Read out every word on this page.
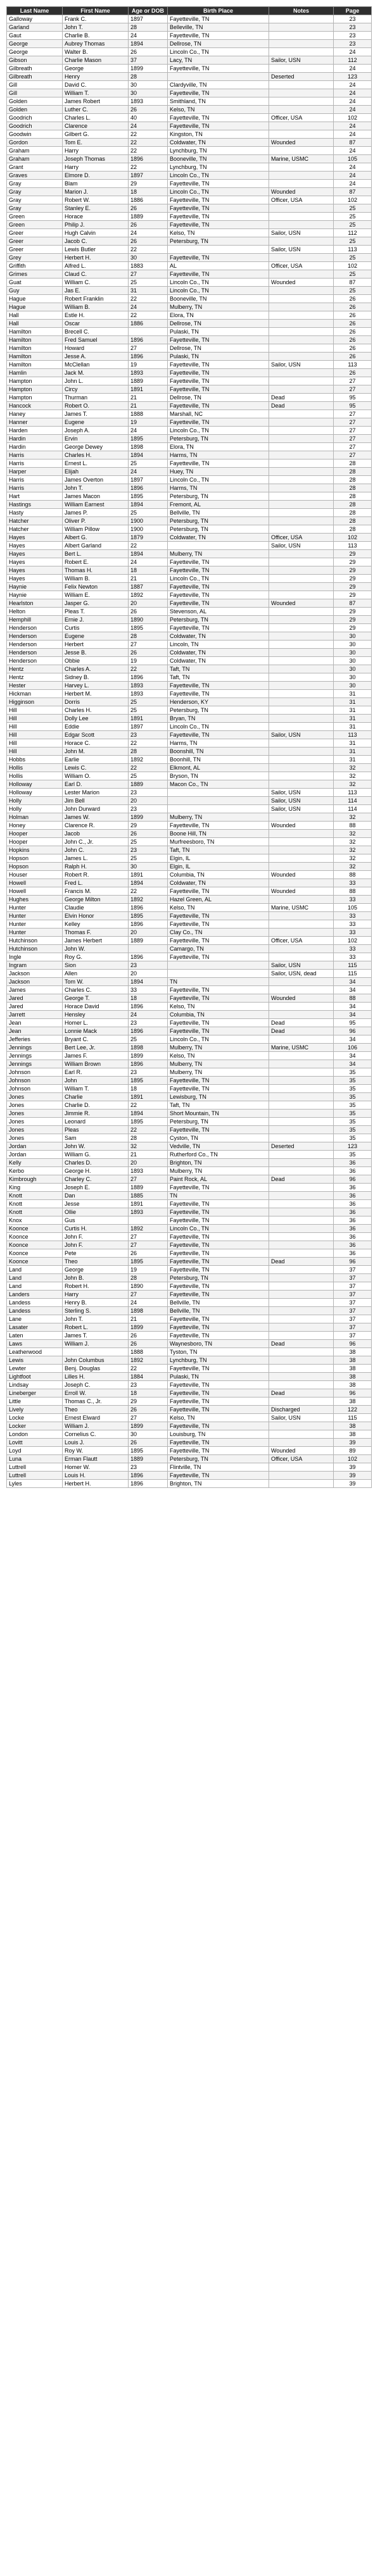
Last Name	First Name	Age or DOB	Birth Place	Notes	Page
Galloway	Frank C.	1897	Fayetteville, TN		23
Garland	John T.	28	Belleville, TN		23
Gaut	Charlie B.	24	Fayetteville, TN		23
George	Aubrey Thomas	1894	Dellrose, TN		23
George	Walter B.	26	Lincoln Co., TN		24
Gibson	Charlie Mason	37	Lacy, TN	Sailor, USN	112
Gilbreath	George	1899	Fayetteville, TN		24
Gilbreath	Henry	28		Deserted	123
Gill	David C.	30	Clardyville, TN		24
Gill	William T.	30	Fayetteville, TN		24
Golden	James Robert	1893	Smithland, TN		24
Golden	Luther C.	26	Kelso, TN		24
Goodrich	Charles L.	40	Fayetteville, TN	Officer, USA	102
Goodrich	Clarence	24	Fayetteville, TN		24
Goodwin	Gilbert G.	22	Kingston, TN		24
Gordon	Tom E.	22	Coldwater, TN	Wounded	87
Graham	Harry	22	Lynchburg, TN		24
Graham	Joseph Thomas	1896	Booneville, TN	Marine, USMC	105
Grant	Harry	22	Lynchburg, TN		24
Graves	Elmore D.	1897	Lincoln Co., TN		24
Gray	Blam	29	Fayetteville, TN		24
Gray	Marion J.	18	Lincoln Co., TN	Wounded	87
Gray	Robert W.	1886	Fayetteville, TN	Officer, USA	102
Gray	Stanley E.	26	Fayetteville, TN		25
Green	Horace	1889	Fayetteville, TN		25
Green	Philip J.	26	Fayetteville, TN		25
Greer	Hugh Calvin	24	Kelso, TN	Sailor, USN	112
Greer	Jacob C.	26	Petersburg, TN		25
Greer	Lewis Butler	22		Sailor, USN	113
Grey	Herbert H.	30	Fayetteville, TN		25
Griffith	Alfred L.	1883	AL	Officer, USA	102
Grimes	Claud C.	27	Fayetteville, TN		25
Guat	William C.	25	Lincoln Co., TN	Wounded	87
Guy	Jas E.	31	Lincoln Co., TN		25
Hague	Robert Franklin	22	Booneville, TN		26
Hague	William B.	24	Mulberry, TN		26
Hall	Estle H.	22	Elora, TN		26
Hall	Oscar	1886	Dellrose, TN		26
Hamilton	Brecell C.		Pulaski, TN		26
Hamilton	Fred Samuel	1896	Fayetteville, TN		26
Hamilton	Howard	27	Dellrose, TN		26
Hamilton	Jesse A.	1896	Pulaski, TN		26
Hamilton	McClellan	19	Fayetteville, TN	Sailor, USN	113
Hamlin	Jack M.	1893	Fayetteville, TN		26
Hampton	John L.	1889	Fayetteville, TN		27
Hampton	Circy	1891	Fayetteville, TN		27
Hampton	Thurman	21	Dellrose, TN	Dead	95
Hancock	Robert O.	21	Fayetteville, TN	Dead	95
Haney	James T.	1888	Marshall, NC		27
Hanner	Eugene	19	Fayetteville, TN		27
Harden	Joseph A.	24	Lincoln Co., TN		27
Hardin	Ervin	1895	Petersburg, TN		27
Hardin	George Dewey	1898	Elora, TN		27
Harris	Charles H.	1894	Harms, TN		27
Harris	Ernest L.	25	Fayetteville, TN		28
Harper	Elijah	24	Huey, TN		28
Harris	James Overton	1897	Lincoln Co., TN		28
Harris	John T.	1896	Harms, TN		28
Hart	James Macon	1895	Petersburg, TN		28
Hastings	William Earnest	1894	Fremont, AL		28
Hasty	James P.	25	Bellville, TN		28
Hatcher	Oliver P.	1900	Petersburg, TN		28
Hatcher	William Pillow	1900	Petersburg, TN		28
Hayes	Albert G.	1879	Coldwater, TN	Officer, USA	102
Hayes	Albert Garland	22		Sailor, USN	113
Hayes	Bert L.	1894	Mulberry, TN		29
Hayes	Robert E.	24	Fayetteville, TN		29
Hayes	Thomas H.	18	Fayetteville, TN		29
Hayes	William B.	21	Lincoln Co., TN		29
Haynie	Felix Newton	1887	Fayetteville, TN		29
Haynie	William E.	1892	Fayetteville, TN		29
Hearlston	Jasper G.	20	Fayetteville, TN	Wounded	87
Helton	Pleas T.	26	Stevenson, AL		29
Hemphill	Ernie J.	1890	Petersburg, TN		29
Henderson	Curtis	1895	Fayetteville, TN		29
Henderson	Eugene	28	Coldwater, TN		30
Henderson	Herbert	27	Lincoln, TN		30
Henderson	Jesse B.	26	Coldwater, TN		30
Henderson	Obbie	19	Coldwater, TN		30
Hentz	Charles A.	22	Taft, TN		30
Hentz	Sidney B.	1896	Taft, TN		30
Hester	Harvey L.	1893	Fayetteville, TN		30
Hickman	Herbert M.	1893	Fayetteville, TN		31
Higginson	Dorris	25	Henderson, KY		31
Hill	Charles H.	25	Petersburg, TN		31
Hill	Dolly Lee	1891	Bryan, TN		31
Hill	Eddie	1897	Lincoln Co., TN		31
Hill	Edgar Scott	23	Fayetteville, TN	Sailor, USN	113
Hill	Horace C.	22	Harms, TN		31
Hill	John M.	28	Boonshill, TN		31
Hobbs	Earlie	1892	Boonhill, TN		31
Hollis	Lewis C.	22	Elkmont, AL		32
Hollis	William O.	25	Bryson, TN		32
Holloway	Earl D.	1889	Macon Co., TN		32
Holloway	Lester Marion	23		Sailor, USN	113
Holly	Jim Bell	20		Sailor, USN	114
Holly	John Durward	23		Sailor, USN	114
Holman	James W.	1899	Mulberry, TN		32
Honey	Clarence R.	29	Fayetteville, TN	Wounded	88
Hooper	Jacob	26	Boone Hill, TN		32
Hooper	John C., Jr.	25	Murfreesboro, TN		32
Hopkins	John C.	23	Taft, TN		32
Hopson	James L.	25	Elgin, IL		32
Hopson	Ralph H.	30	Elgin, IL		32
Houser	Robert R.	1891	Columbia, TN	Wounded	88
Howell	Fred L.	1894	Coldwater, TN		33
Howell	Francis M.	22	Fayetteville, TN	Wounded	88
Hughes	George Milton	1892	Hazel Green, AL		33
Hunter	Claudie	1896	Kelso, TN	Marine, USMC	105
Hunter	Elvin Honor	1895	Fayetteville, TN		33
Hunter	Kelley	1896	Fayetteville, TN		33
Hunter	Thomas F.	20	Clay Co., TN		33
Hutchinson	James Herbert	1889	Fayetteville, TN	Officer, USA	102
Hutchinson	John W.		Camargo, TN		33
Ingle	Roy G.	1896	Fayetteville, TN		33
Ingram	Sion	23		Sailor, USN	115
Jackson	Allen	20		Sailor, USN, dead	115
Jackson	Tom W.	1894	TN		34
James	Charles C.	33	Fayetteville, TN		34
Jared	George T.	18	Fayetteville, TN	Wounded	88
Jared	Horace David	1896	Kelso, TN		34
Jarrett	Hensley	24	Columbia, TN		34
Jean	Homer L.	23	Fayetteville, TN	Dead	95
Jean	Lonnie Mack	1896	Fayetteville, TN	Dead	96
Jefferies	Bryant C.	25	Lincoln Co., TN		34
Jennings	Bert Lee, Jr.	1898	Mulberry, TN	Marine, USMC	106
Jennings	James F.	1899	Kelso, TN		34
Jennings	William Brown	1896	Mulberry, TN		34
Johnson	Earl R.	23	Mulberry, TN		35
Johnson	John	1895	Fayetteville, TN		35
Johnson	William T.	18	Fayetteville, TN		35
Jones	Charlie	1891	Lewisburg, TN		35
Jones	Charlie D.	22	Taft, TN		35
Jones	Jimmie R.	1894	Short Mountain, TN		35
Jones	Leonard	1895	Petersburg, TN		35
Jones	Pleas	22	Fayetteville, TN		35
Jones	Sam	28	Cyston, TN		35
Jordan	John W.	32	Vedville, TN	Deserted	123
Jordan	William G.	21	Rutherford Co., TN		35
Kelly	Charles D.	20	Brighton, TN		36
Kerbo	George H.	1893	Mulberry, TN		36
Kimbrough	Charley C.	27	Paint Rock, AL	Dead	96
King	Joseph E.	1889	Fayetteville, TN		36
Knott	Dan	1885	TN		36
Knott	Jesse	1891	Fayetteville, TN		36
Knott	Ollie	1893	Fayetteville, TN		36
Knox	Gus		Fayetteville, TN		36
Koonce	Curtis H.	1892	Lincoln Co., TN		36
Koonce	John F.	27	Fayetteville, TN		36
Koonce	John F.	27	Fayetteville, TN		36
Koonce	Pete	26	Fayetteville, TN		36
Koonce	Theo	1895	Fayetteville, TN	Dead	96
Land	George	19	Fayetteville, TN		37
Land	John B.	28	Petersburg, TN		37
Land	Robert H.	1890	Fayetteville, TN		37
Landers	Harry	27	Fayetteville, TN		37
Landess	Henry B.	24	Bellville, TN		37
Landess	Sterling S.	1898	Bellville, TN		37
Lane	John T.	21	Fayetteville, TN		37
Lasater	Robert L.	1899	Fayetteville, TN		37
Laten	James T.	26	Fayetteville, TN		37
Laws	William J.	26	Waynesboro, TN	Dead	96
Leatherwood		1888	Tyston, TN		38
Lewis	John Columbus	1892	Lynchburg, TN		38
Lewter	Benj. Douglas	22	Fayetteville, TN		38
Lightfoot	Lilles H.	1884	Pulaski, TN		38
Lindsay	Joseph C.	23	Fayetteville, TN		38
Lineberger	Erroll W.	18	Fayetteville, TN	Dead	96
Little	Thomas C., Jr.	29	Fayetteville, TN		38
Lively	Theo	26	Fayetteville, TN	Discharged	122
Locke	Ernest Elward	27	Kelso, TN	Sailor, USN	115
Locker	William J.	1899	Fayetteville, TN		38
London	Cornelius C.	30	Louisburg, TN		38
Lovitt	Louis J.	26	Fayetteville, TN		39
Loyd	Roy W.	1895	Fayetteville, TN	Wounded	89
Luna	Erman Flautt	1889	Petersburg, TN	Officer, USA	102
Luttrell	Homer W.	23	Flintville, TN		39
Luttrell	Louis H.	1896	Fayetteville, TN		39
Lyles	Herbert H.	1896	Brighton, TN		39
